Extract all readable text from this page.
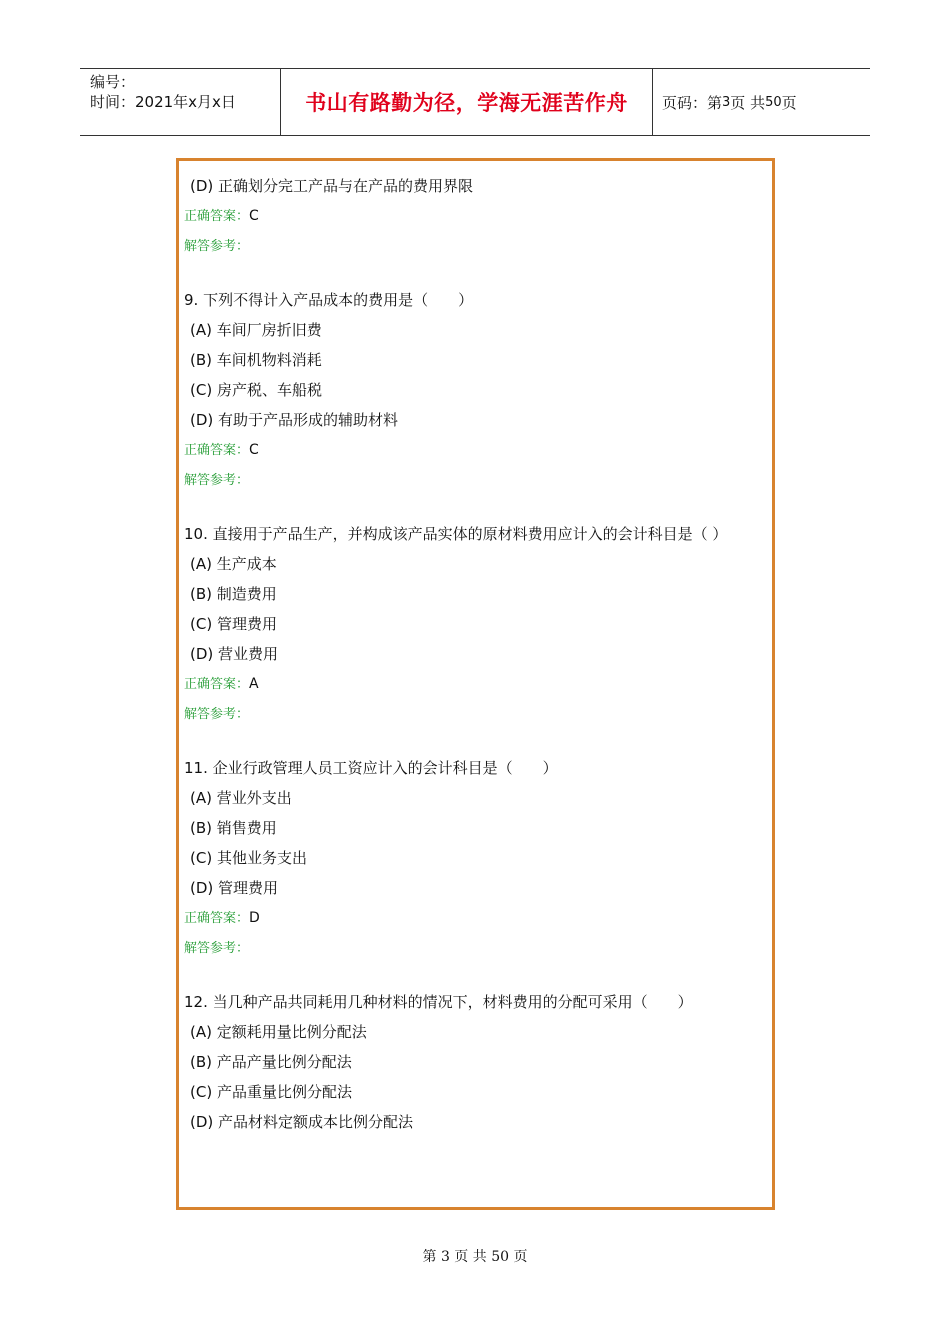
编号：
时间：2021年x月x日	书山有路勤为径，学海无涯苦作舟 页码：第 3 页 共 50 页
(D) 正确划分完工产品与在产品的费用界限
正确答案：C
解答参考：
9. 下列不得计入产品成本的费用是（　　）
(A) 车间厂房折旧费
(B) 车间机物料消耗
(C) 房产税、车船税
(D) 有助于产品形成的辅助材料
正确答案：C
解答参考：
10. 直接用于产品生产，并构成该产品实体的原材料费用应计入的会计科目是（ ）
(A) 生产成本
(B) 制造费用
(C) 管理费用
(D) 营业费用
正确答案：A
解答参考：
11. 企业行政管理人员工资应计入的会计科目是（　　）
(A) 营业外支出
(B) 销售费用
(C) 其他业务支出
(D) 管理费用
正确答案：D
解答参考：
12. 当几种产品共同耗用几种材料的情况下，材料费用的分配可采用（　　）
(A) 定额耗用量比例分配法
(B) 产品产量比例分配法
(C) 产品重量比例分配法
(D) 产品材料定额成本比例分配法
第 3 页 共 50 页
